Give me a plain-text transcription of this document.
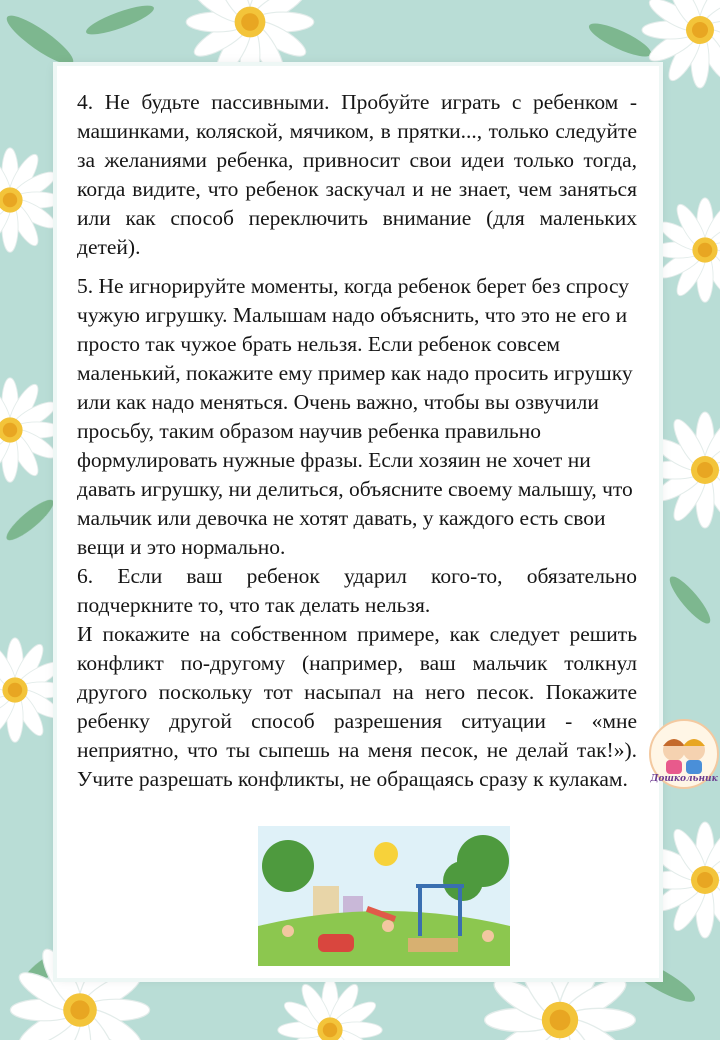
4. Не будьте пассивными. Пробуйте играть с ребенком - машинками, коляской, мячиком, в прятки..., только следуйте за желаниями ребенка, привносит свои идеи только тогда, когда видите, что ребенок заскучал и не знает, чем заняться или как способ переключить внимание (для маленьких детей).

5. Не игнорируйте моменты, когда ребенок берет без спросу чужую игрушку. Малышам надо объяснить, что это не его и просто так чужое брать нельзя. Если ребенок совсем маленький, покажите ему пример как надо просить игрушку или как надо меняться. Очень важно, чтобы вы озвучили просьбу, таким образом научив ребенка правильно формулировать нужные фразы. Если хозяин не хочет ни давать игрушку, ни делиться, объясните своему малышу, что мальчик или девочка не хотят давать, у каждого есть свои вещи и это нормально.

6. Если ваш ребенок ударил кого-то, обязательно подчеркните то, что так делать нельзя.

И покажите на собственном примере, как следует решить конфликт по-другому (например, ваш мальчик толкнул другого поскольку тот насыпал на него песок. Покажите ребенку другой способ разрешения ситуации - «мне неприятно, что ты сыпешь на меня песок, не делай так!»). Учите разрешать конфликты, не обращаясь сразу к кулакам.	Дошкольник
